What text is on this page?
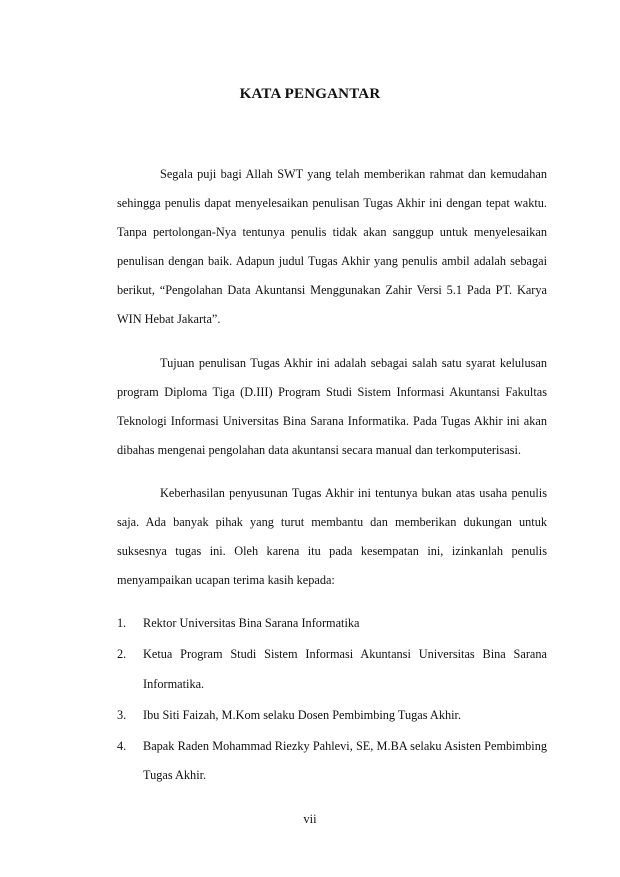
KATA PENGANTAR

Segala puji bagi Allah SWT yang telah memberikan rahmat dan kemudahan sehingga penulis dapat menyelesaikan penulisan Tugas Akhir ini dengan tepat waktu. Tanpa pertolongan-Nya tentunya penulis tidak akan sanggup untuk menyelesaikan penulisan dengan baik. Adapun judul Tugas Akhir yang penulis ambil adalah sebagai berikut, “Pengolahan Data Akuntansi Menggunakan Zahir Versi 5.1 Pada PT. Karya WIN Hebat Jakarta”.

Tujuan penulisan Tugas Akhir ini adalah sebagai salah satu syarat kelulusan program Diploma Tiga (D.III) Program Studi Sistem Informasi Akuntansi Fakultas Teknologi Informasi Universitas Bina Sarana Informatika. Pada Tugas Akhir ini akan dibahas mengenai pengolahan data akuntansi secara manual dan terkomputerisasi.

Keberhasilan penyusunan Tugas Akhir ini tentunya bukan atas usaha penulis saja. Ada banyak pihak yang turut membantu dan memberikan dukungan untuk suksesnya tugas ini. Oleh karena itu pada kesempatan ini, izinkanlah penulis menyampaikan ucapan terima kasih kepada:

1. Rektor Universitas Bina Sarana Informatika
2. Ketua Program Studi Sistem Informasi Akuntansi Universitas Bina Sarana Informatika.
3. Ibu Siti Faizah, M.Kom selaku Dosen Pembimbing Tugas Akhir.
4. Bapak Raden Mohammad Riezky Pahlevi, SE, M.BA selaku Asisten Pembimbing Tugas Akhir.
vii
